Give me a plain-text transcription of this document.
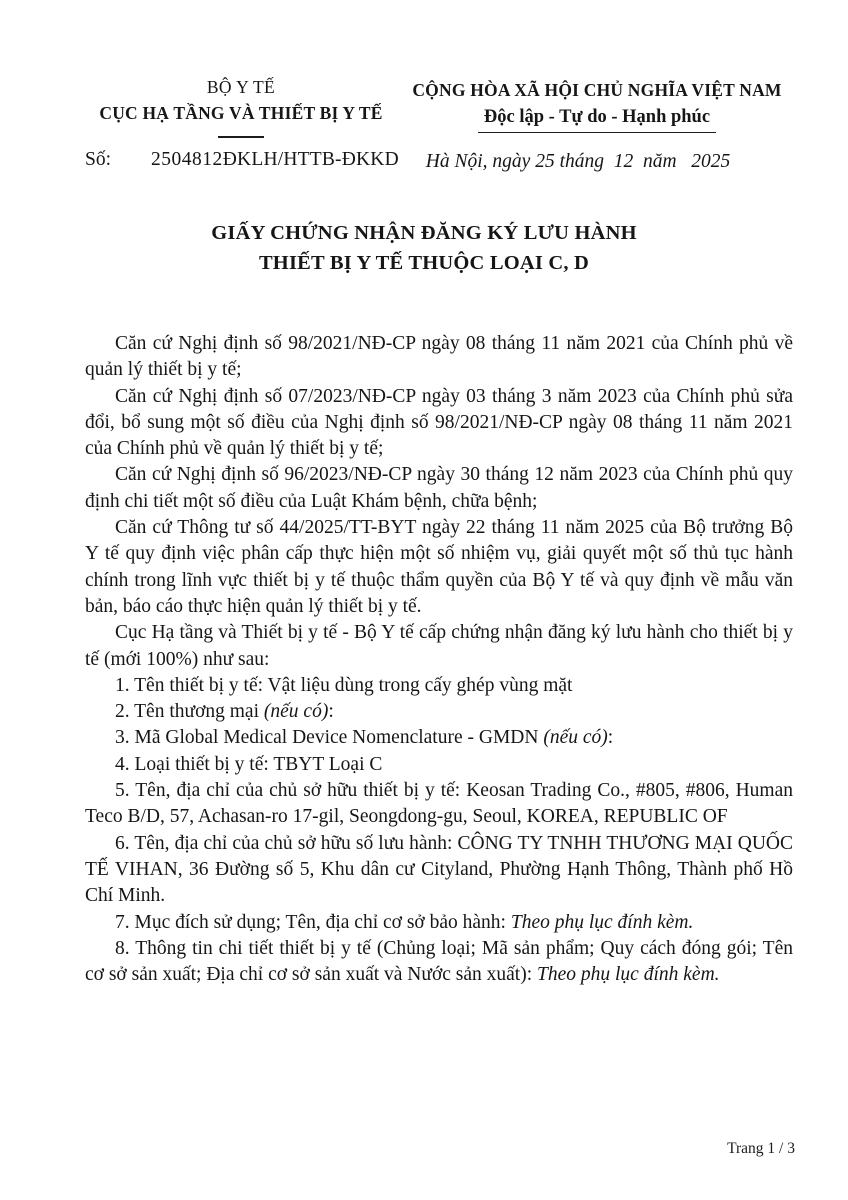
BỘ Y TẾ
CỤC HẠ TẦNG VÀ THIẾT BỊ Y TẾ
CỘNG HÒA XÃ HỘI CHỦ NGHĨA VIỆT NAM
Độc lập - Tự do - Hạnh phúc
Số: 2504812ĐKLH/HTTB-ĐKKD	Hà Nội, ngày 25 tháng  12  năm   2025
GIẤY CHỨNG NHẬN ĐĂNG KÝ LƯU HÀNH
THIẾT BỊ Y TẾ THUỘC LOẠI C, D

Căn cứ Nghị định số 98/2021/NĐ-CP ngày 08 tháng 11 năm 2021 của Chính phủ về quản lý thiết bị y tế;

Căn cứ Nghị định số 07/2023/NĐ-CP ngày 03 tháng 3 năm 2023 của Chính phủ sửa đổi, bổ sung một số điều của Nghị định số 98/2021/NĐ-CP ngày 08 tháng 11 năm 2021 của Chính phủ về quản lý thiết bị y tế;

Căn cứ Nghị định số 96/2023/NĐ-CP ngày 30 tháng 12 năm 2023 của Chính phủ quy định chi tiết một số điều của Luật Khám bệnh, chữa bệnh;

Căn cứ Thông tư số 44/2025/TT-BYT ngày 22 tháng 11 năm 2025 của Bộ trưởng Bộ Y tế quy định việc phân cấp thực hiện một số nhiệm vụ, giải quyết một số thủ tục hành chính trong lĩnh vực thiết bị y tế thuộc thẩm quyền của Bộ Y tế và quy định về mẫu văn bản, báo cáo thực hiện quản lý thiết bị y tế.

Cục Hạ tầng và Thiết bị y tế - Bộ Y tế cấp chứng nhận đăng ký lưu hành cho thiết bị y tế (mới 100%) như sau:

1. Tên thiết bị y tế: Vật liệu dùng trong cấy ghép vùng mặt

2. Tên thương mại (nếu có):

3. Mã Global Medical Device Nomenclature - GMDN (nếu có):

4. Loại thiết bị y tế: TBYT Loại C

5. Tên, địa chỉ của chủ sở hữu thiết bị y tế: Keosan Trading Co., #805, #806, Human Teco B/D, 57, Achasan-ro 17-gil, Seongdong-gu, Seoul, KOREA, REPUBLIC OF

6. Tên, địa chỉ của chủ sở hữu số lưu hành: CÔNG TY TNHH THƯƠNG MẠI QUỐC TẾ VIHAN, 36 Đường số 5, Khu dân cư Cityland, Phường Hạnh Thông, Thành phố Hồ Chí Minh.

7. Mục đích sử dụng; Tên, địa chỉ cơ sở bảo hành: Theo phụ lục đính kèm.

8. Thông tin chi tiết thiết bị y tế (Chủng loại; Mã sản phẩm; Quy cách đóng gói; Tên cơ sở sản xuất; Địa chỉ cơ sở sản xuất và Nước sản xuất): Theo phụ lục đính kèm.

Trang 1 / 3
